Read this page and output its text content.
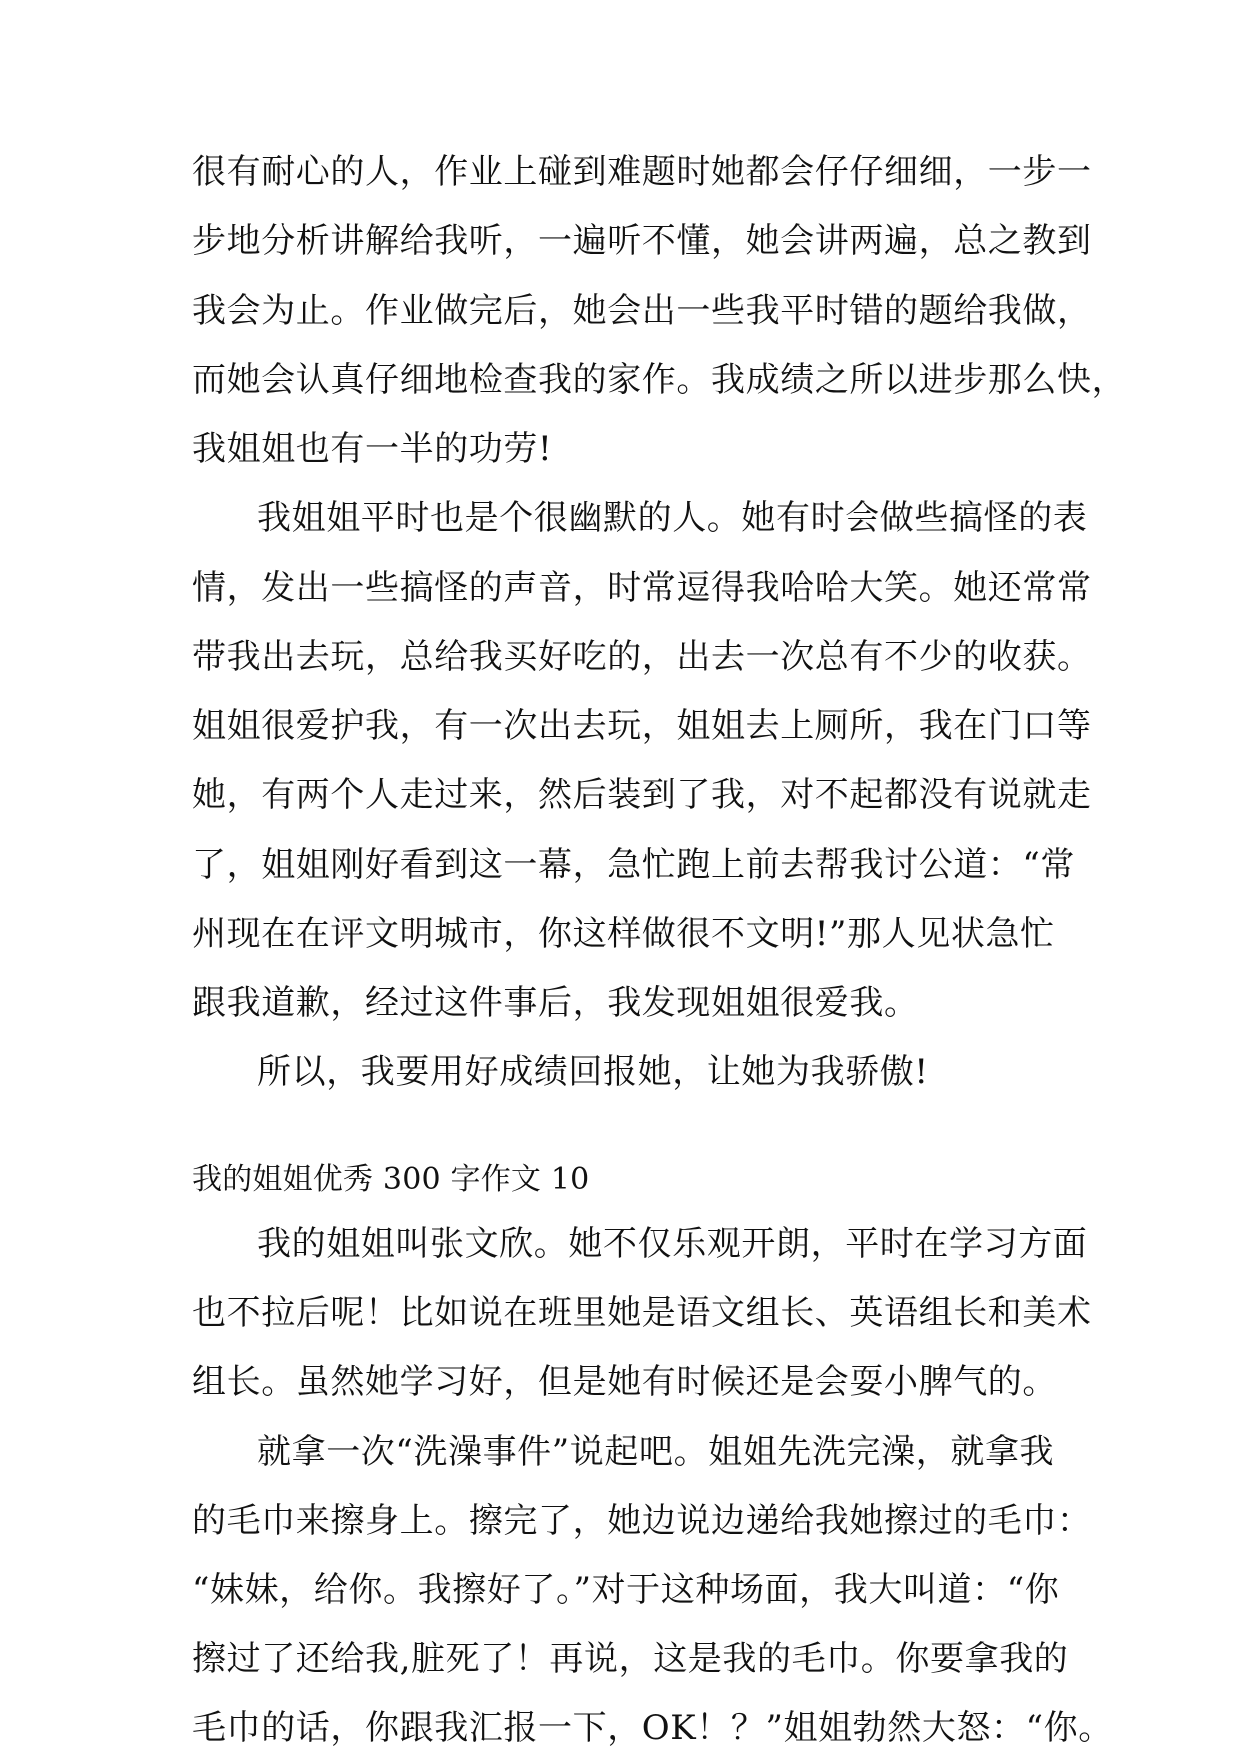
很有耐心的人，作业上碰到难题时她都会仔仔细细，一步一
步地分析讲解给我听，一遍听不懂，她会讲两遍，总之教到
我会为止。作业做完后，她会出一些我平时错的题给我做，
而她会认真仔细地检查我的家作。我成绩之所以进步那么快，
我姐姐也有一半的功劳!
我姐姐平时也是个很幽默的人。她有时会做些搞怪的表
情，发出一些搞怪的声音，时常逗得我哈哈大笑。她还常常
带我出去玩，总给我买好吃的，出去一次总有不少的收获。
姐姐很爱护我，有一次出去玩，姐姐去上厕所，我在门口等
她，有两个人走过来，然后装到了我，对不起都没有说就走
了，姐姐刚好看到这一幕，急忙跑上前去帮我讨公道：“常
州现在在评文明城市，你这样做很不文明!”那人见状急忙
跟我道歉，经过这件事后，我发现姐姐很爱我。
所以，我要用好成绩回报她，让她为我骄傲!
我的姐姐优秀 300 字作文 10
我的姐姐叫张文欣。她不仅乐观开朗，平时在学习方面
也不拉后呢！比如说在班里她是语文组长、英语组长和美术
组长。虽然她学习好，但是她有时候还是会耍小脾气的。
就拿一次“洗澡事件”说起吧。姐姐先洗完澡，就拿我
的毛巾来擦身上。擦完了，她边说边递给我她擦过的毛巾：
“妹妹，给你。我擦好了。”对于这种场面，我大叫道：“你
擦过了还给我,脏死了！再说，这是我的毛巾。你要拿我的
毛巾的话，你跟我汇报一下，OK！？”姐姐勃然大怒：“你。
